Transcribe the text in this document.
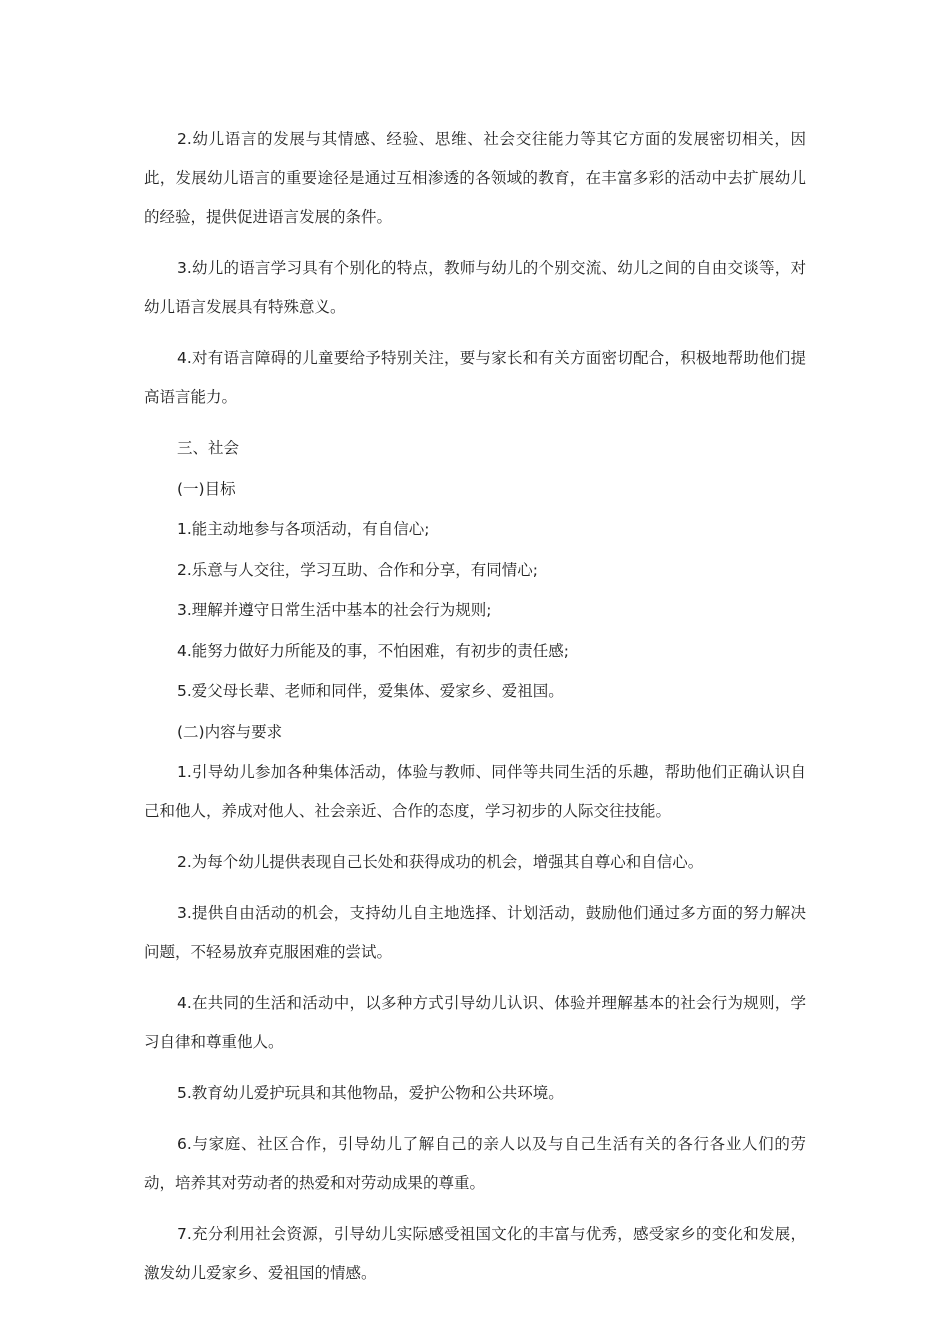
2.幼儿语言的发展与其情感、经验、思维、社会交往能力等其它方面的发展密切相关，因此，发展幼儿语言的重要途径是通过互相渗透的各领域的教育，在丰富多彩的活动中去扩展幼儿的经验，提供促进语言发展的条件。

3.幼儿的语言学习具有个别化的特点，教师与幼儿的个别交流、幼儿之间的自由交谈等，对幼儿语言发展具有特殊意义。

4.对有语言障碍的儿童要给予特别关注，要与家长和有关方面密切配合，积极地帮助他们提高语言能力。

三、社会

(一)目标

1.能主动地参与各项活动，有自信心;

2.乐意与人交往，学习互助、合作和分享，有同情心;

3.理解并遵守日常生活中基本的社会行为规则;

4.能努力做好力所能及的事，不怕困难，有初步的责任感;

5.爱父母长辈、老师和同伴，爱集体、爱家乡、爱祖国。

(二)内容与要求

1.引导幼儿参加各种集体活动，体验与教师、同伴等共同生活的乐趣，帮助他们正确认识自己和他人，养成对他人、社会亲近、合作的态度，学习初步的人际交往技能。

2.为每个幼儿提供表现自己长处和获得成功的机会，增强其自尊心和自信心。

3.提供自由活动的机会，支持幼儿自主地选择、计划活动，鼓励他们通过多方面的努力解决问题，不轻易放弃克服困难的尝试。

4.在共同的生活和活动中，以多种方式引导幼儿认识、体验并理解基本的社会行为规则，学习自律和尊重他人。

5.教育幼儿爱护玩具和其他物品，爱护公物和公共环境。

6.与家庭、社区合作，引导幼儿了解自己的亲人以及与自己生活有关的各行各业人们的劳动，培养其对劳动者的热爱和对劳动成果的尊重。

7.充分利用社会资源，引导幼儿实际感受祖国文化的丰富与优秀，感受家乡的变化和发展，激发幼儿爱家乡、爱祖国的情感。
